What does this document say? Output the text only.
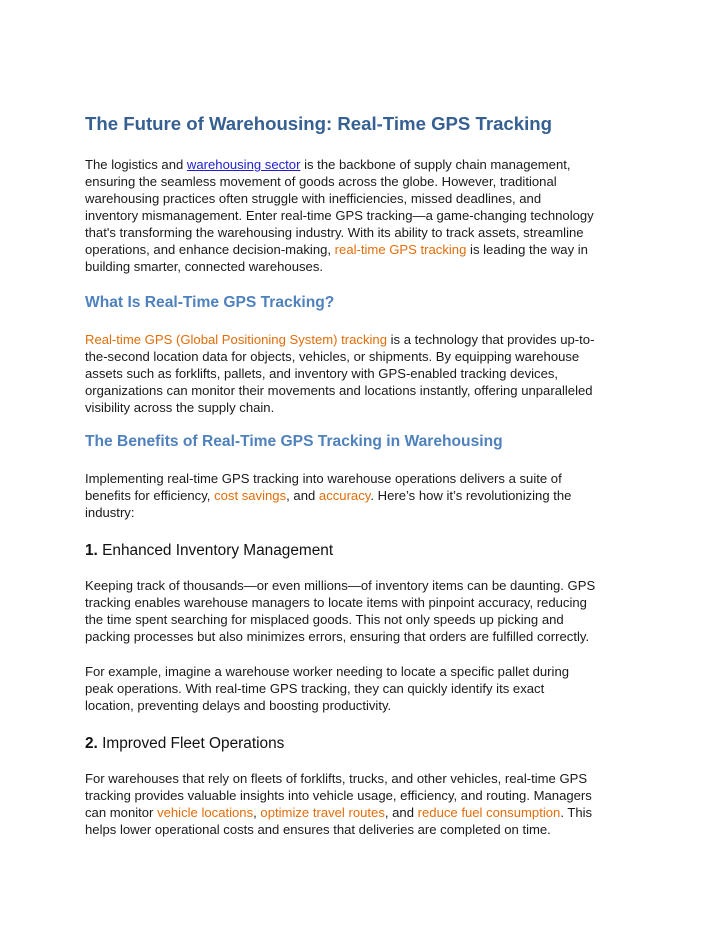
The Future of Warehousing: Real-Time GPS Tracking

The logistics and warehousing sector is the backbone of supply chain management,
ensuring the seamless movement of goods across the globe. However, traditional
warehousing practices often struggle with inefficiencies, missed deadlines, and
inventory mismanagement. Enter real-time GPS tracking—a game-changing technology
that's transforming the warehousing industry. With its ability to track assets, streamline
operations, and enhance decision-making, real-time GPS tracking is leading the way in
building smarter, connected warehouses.

What Is Real-Time GPS Tracking?

Real-time GPS (Global Positioning System) tracking is a technology that provides up-to-
the-second location data for objects, vehicles, or shipments. By equipping warehouse
assets such as forklifts, pallets, and inventory with GPS-enabled tracking devices,
organizations can monitor their movements and locations instantly, offering unparalleled
visibility across the supply chain.

The Benefits of Real-Time GPS Tracking in Warehousing

Implementing real-time GPS tracking into warehouse operations delivers a suite of
benefits for efficiency, cost savings, and accuracy. Here’s how it’s revolutionizing the
industry:

1. Enhanced Inventory Management

Keeping track of thousands—or even millions—of inventory items can be daunting. GPS
tracking enables warehouse managers to locate items with pinpoint accuracy, reducing
the time spent searching for misplaced goods. This not only speeds up picking and
packing processes but also minimizes errors, ensuring that orders are fulfilled correctly.

For example, imagine a warehouse worker needing to locate a specific pallet during
peak operations. With real-time GPS tracking, they can quickly identify its exact
location, preventing delays and boosting productivity.

2. Improved Fleet Operations

For warehouses that rely on fleets of forklifts, trucks, and other vehicles, real-time GPS
tracking provides valuable insights into vehicle usage, efficiency, and routing. Managers
can monitor vehicle locations, optimize travel routes, and reduce fuel consumption. This
helps lower operational costs and ensures that deliveries are completed on time.
